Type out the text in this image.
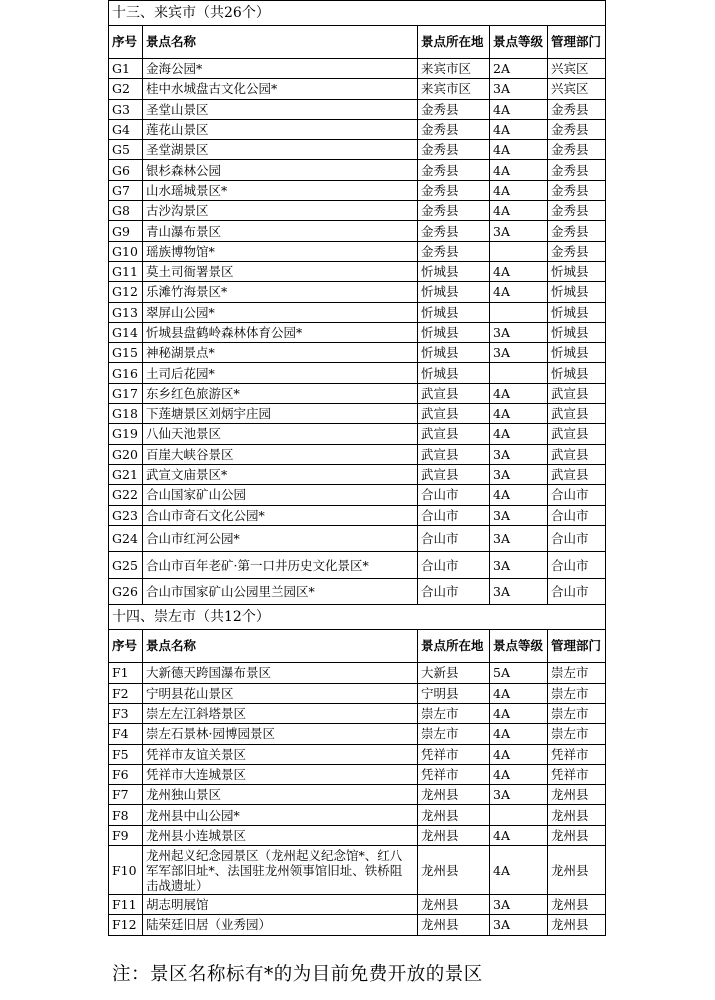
十三、来宾市（共26个）				
序号	景点名称	景点所在地	景点等级	管理部门
G1	金海公园*	来宾市区	2A	兴宾区
G2	桂中水城盘古文化公园*	来宾市区	3A	兴宾区
G3	圣堂山景区	金秀县	4A	金秀县
G4	莲花山景区	金秀县	4A	金秀县
G5	圣堂湖景区	金秀县	4A	金秀县
G6	银杉森林公园	金秀县	4A	金秀县
G7	山水瑶城景区*	金秀县	4A	金秀县
G8	古沙沟景区	金秀县	4A	金秀县
G9	青山瀑布景区	金秀县	3A	金秀县
G10	瑶族博物馆*	金秀县		金秀县
G11	莫土司衙署景区	忻城县	4A	忻城县
G12	乐滩竹海景区*	忻城县	4A	忻城县
G13	翠屏山公园*	忻城县		忻城县
G14	忻城县盘鹤岭森林体育公园*	忻城县	3A	忻城县
G15	神秘湖景点*	忻城县	3A	忻城县
G16	土司后花园*	忻城县		忻城县
G17	东乡红色旅游区*	武宣县	4A	武宣县
G18	下莲塘景区刘炳宇庄园	武宣县	4A	武宣县
G19	八仙天池景区	武宣县	4A	武宣县
G20	百崖大峡谷景区	武宣县	3A	武宣县
G21	武宣文庙景区*	武宣县	3A	武宣县
G22	合山国家矿山公园	合山市	4A	合山市
G23	合山市奇石文化公园*	合山市	3A	合山市
G24	合山市红河公园*	合山市	3A	合山市
G25	合山市百年老矿·第一口井历史文化景区*	合山市	3A	合山市
G26	合山市国家矿山公园里兰园区*	合山市	3A	合山市
十四、崇左市（共12个）				
序号	景点名称	景点所在地	景点等级	管理部门
F1	大新德天跨国瀑布景区	大新县	5A	崇左市
F2	宁明县花山景区	宁明县	4A	崇左市
F3	崇左左江斜塔景区	崇左市	4A	崇左市
F4	崇左石景林·园博园景区	崇左市	4A	崇左市
F5	凭祥市友谊关景区	凭祥市	4A	凭祥市
F6	凭祥市大连城景区	凭祥市	4A	凭祥市
F7	龙州独山景区	龙州县	3A	龙州县
F8	龙州县中山公园*	龙州县		龙州县
F9	龙州县小连城景区	龙州县	4A	龙州县
F10	龙州起义纪念园景区（龙州起义纪念馆*、红八军军部旧址*、法国驻龙州领事馆旧址、铁桥阻击战遗址）	龙州县	4A	龙州县
F11	胡志明展馆	龙州县	3A	龙州县
F12	陆荣廷旧居（业秀园）	龙州县	3A	龙州县
注：景区名称标有*的为目前免费开放的景区
